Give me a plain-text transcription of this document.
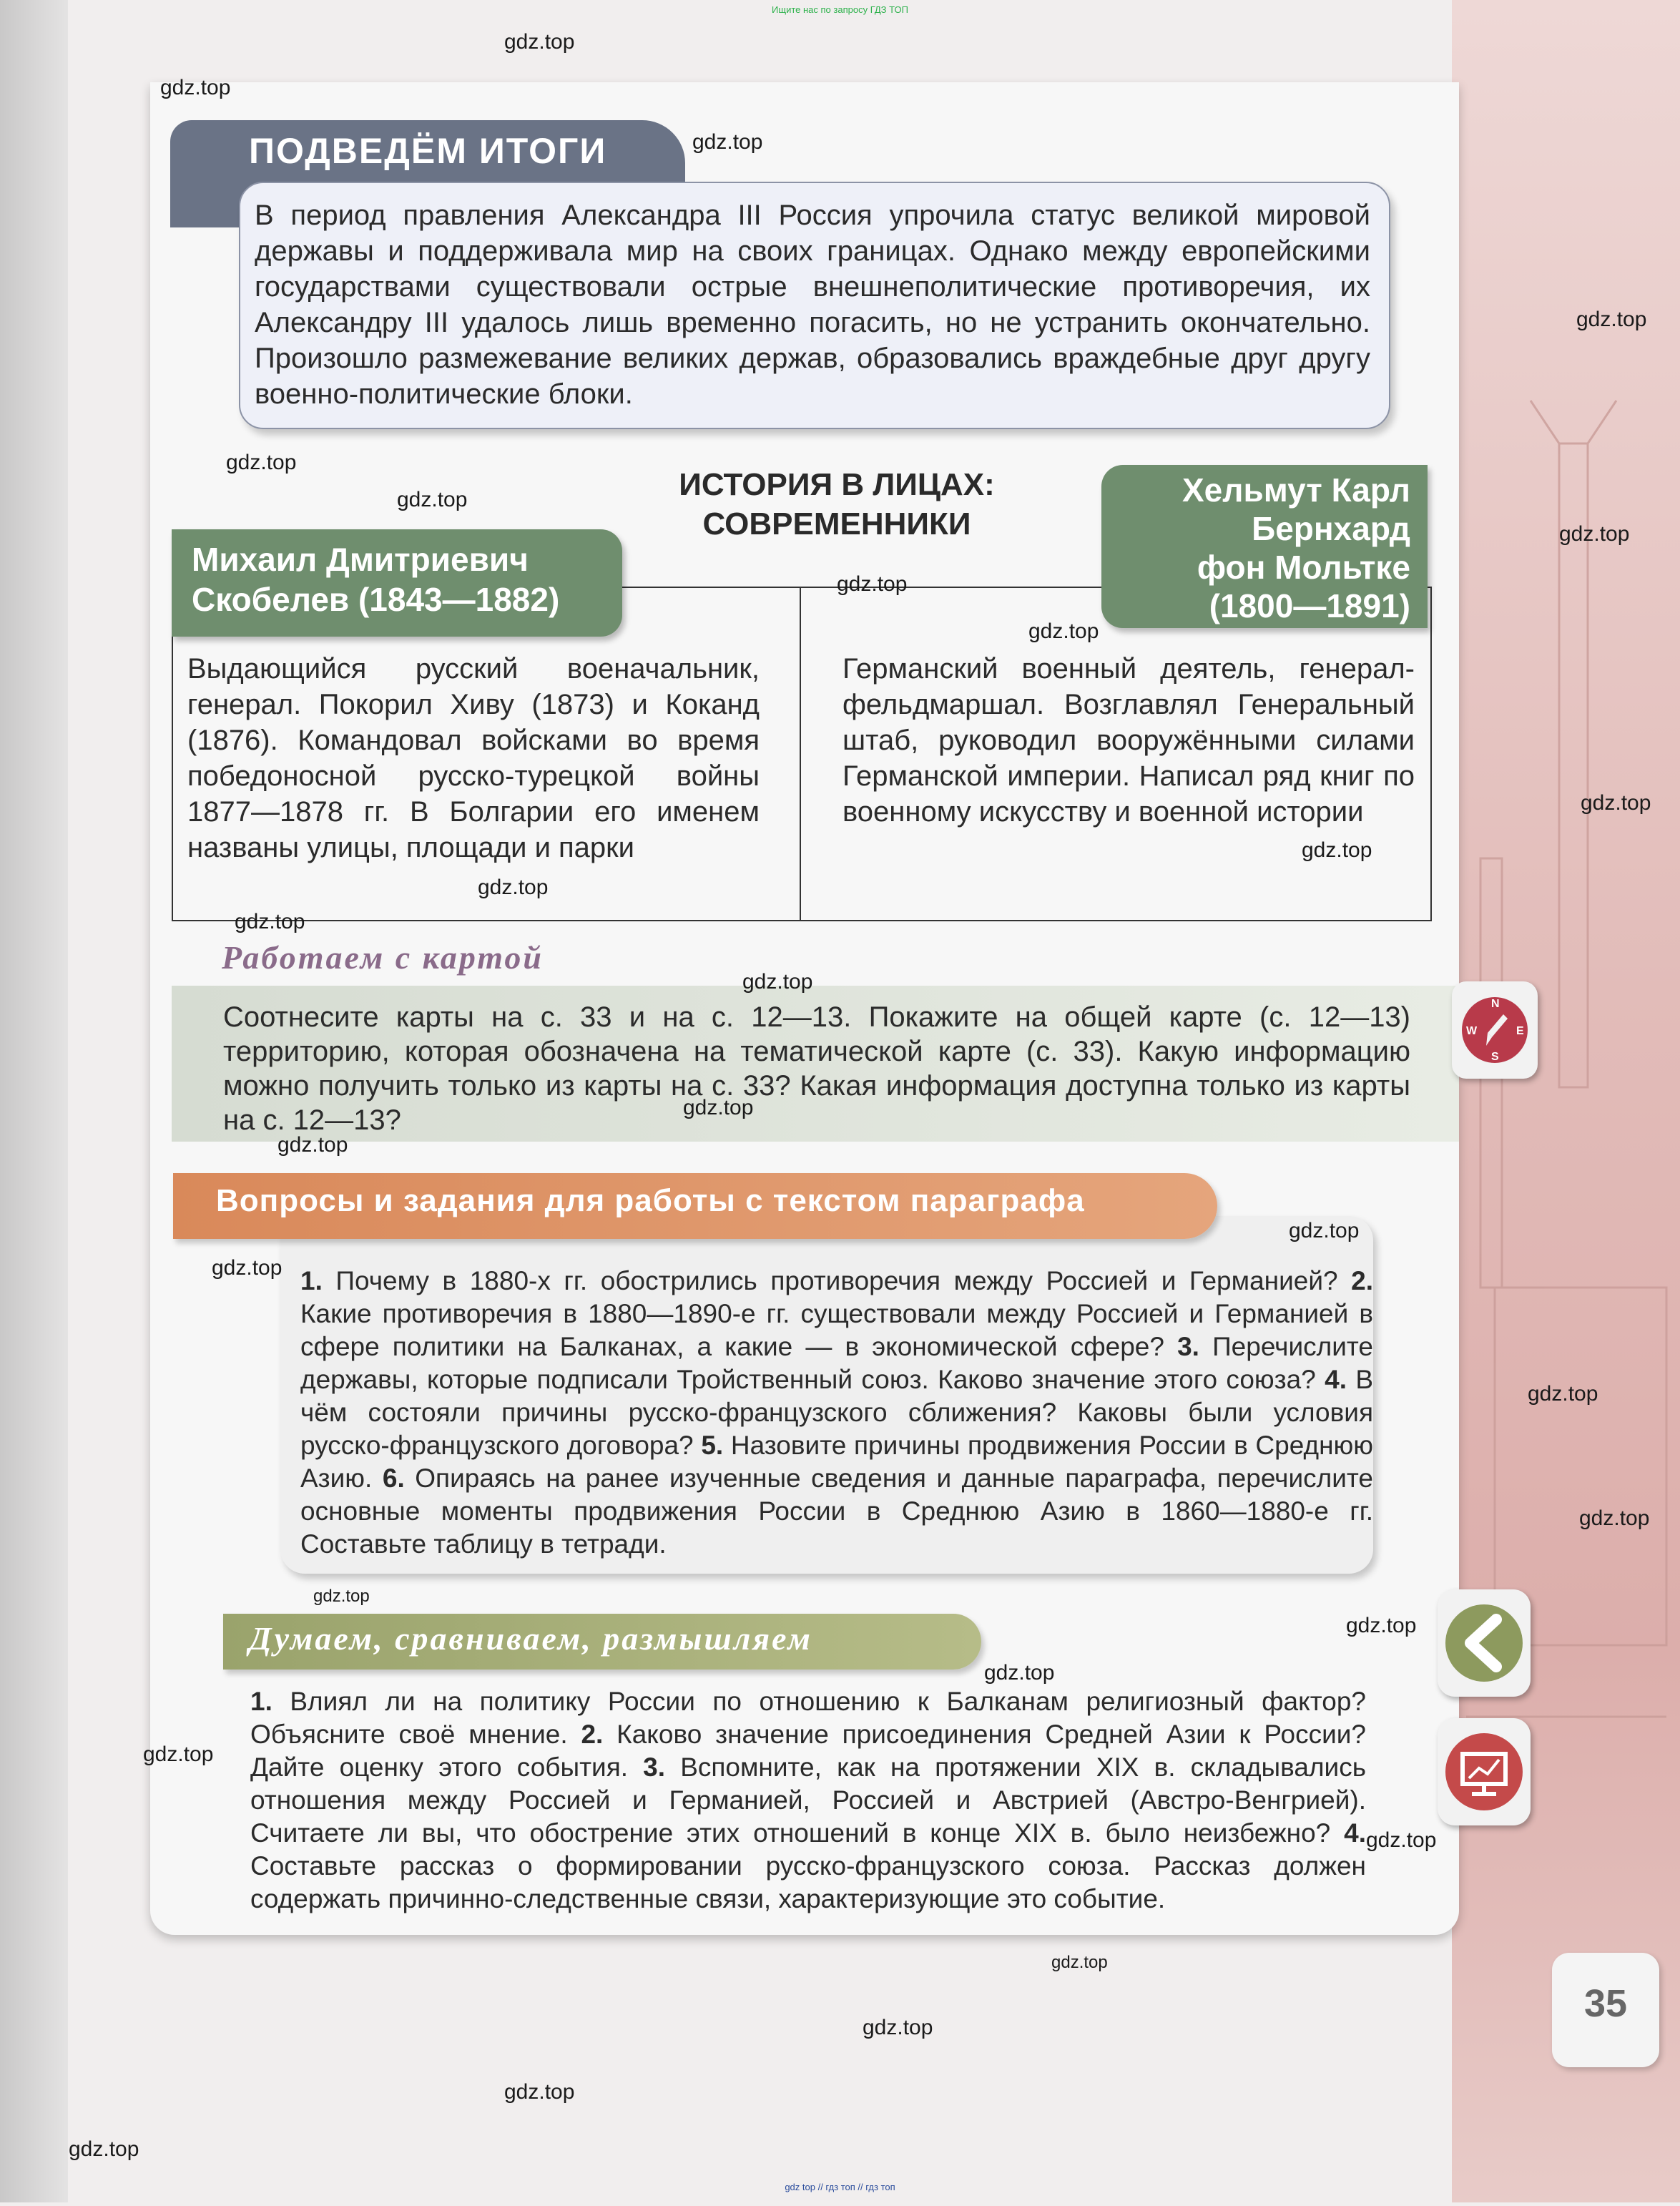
Ищите нас по запросу ГДЗ ТОП
ПОДВЕДЁМ ИТОГИ
В период правления Александра III Россия упрочила статус великой мировой державы и поддерживала мир на своих границах. Однако между европейскими государствами существовали острые внешнеполитические противоречия, их Александру III удалось лишь временно погасить, но не устранить окончательно. Произошло размежевание великих держав, образовались враждебные друг другу военно-политические блоки.
ИСТОРИЯ В ЛИЦАХ:
СОВРЕМЕННИКИ
Михаил Дмитриевич
Скобелев (1843—1882)
Хельмут Карл
Бернхард
фон Мольтке
(1800—1891)
Выдающийся русский военачальник, генерал. Покорил Хиву (1873) и Коканд (1876). Командовал войсками во время победоносной русско-турецкой войны 1877—1878 гг. В Болгарии его именем названы улицы, площади и парки
Германский военный деятель, генерал-фельдмаршал. Возглавлял Генеральный штаб, руководил вооружёнными силами Германской империи. Написал ряд книг по военному искусству и военной истории
Работаем с картой
Соотнесите карты на с. 33 и на с. 12—13. Покажите на общей карте (с. 12—13) территорию, которая обозначена на тематической карте (с. 33). Какую информацию можно получить только из карты на с. 33? Какая информация доступна только из карты на с. 12—13?
N
E
S
W
Вопросы и задания для работы с текстом параграфа
1. Почему в 1880-х гг. обострились противоречия между Россией и Германией? 2. Какие противоречия в 1880—1890-е гг. существовали между Россией и Германией в сфере политики на Балканах, а какие — в экономической сфере? 3. Перечислите державы, которые подписали Тройственный союз. Каково значение этого союза? 4. В чём состояли причины русско-французского сближения? Каковы были условия русско-французского договора? 5. Назовите причины продвижения России в Среднюю Азию. 6. Опираясь на ранее изученные сведения и данные параграфа, перечислите основные моменты продвижения России в Среднюю Азию в 1860—1880-е гг. Составьте таблицу в тетради.
Думаем, сравниваем, размышляем
1. Влиял ли на политику России по отношению к Балканам религиозный фактор? Объясните своё мнение. 2. Каково значение присоединения Средней Азии к России? Дайте оценку этого события. 3. Вспомните, как на протяжении XIX в. складывались отношения между Россией и Германией, Россией и Австрией (Австро-Венгрией). Считаете ли вы, что обострение этих отношений в конце XIX в. было неизбежно? 4. Составьте рассказ о формировании русско-французского союза. Рассказ должен содержать причинно-следственные связи, характеризующие это событие.
35
gdz.top
gdz.top
gdz.top
gdz.top
gdz.top
gdz.top
gdz.top
gdz.top
gdz.top
gdz.top
gdz.top
gdz.top
gdz.top
gdz.top
gdz.top
gdz.top
gdz.top
gdz.top
gdz.top
gdz.top
gdz.top
gdz.top
gdz.top
gdz.top
gdz.top
gdz.top
gdz.top
gdz.top
gdz.top
gdz top // гдз топ // гдз топ
